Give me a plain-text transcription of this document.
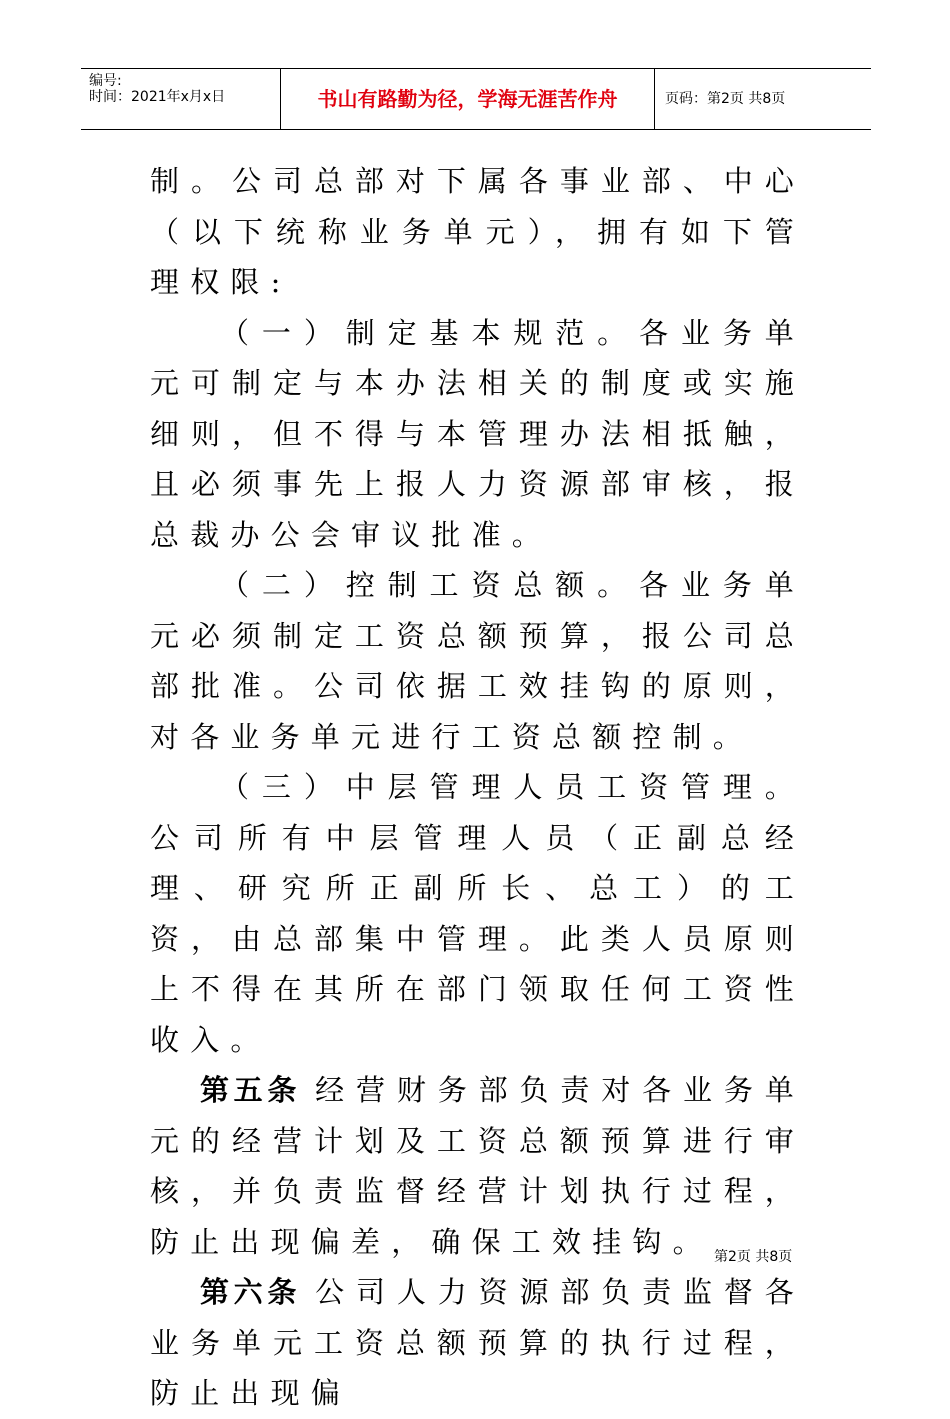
编号:
时间：2021年x月x日	书山有路勤为径，学海无涯苦作舟	页码：第2页 共8页

制。公司总部对下属各事业部、中心（以下统称业务单元），拥有如下管理权限:

（一）制定基本规范。各业务单元可制定与本办法相关的制度或实施细则，但不得与本管理办法相抵触，且必须事先上报人力资源部审核，报总裁办公会审议批准。

（二）控制工资总额。各业务单元必须制定工资总额预算，报公司总部批准。公司依据工效挂钩的原则，对各业务单元进行工资总额控制。

（三）中层管理人员工资管理。公司所有中层管理人员（正副总经理、研究所正副所长、总工）的工资，由总部集中管理。此类人员原则上不得在其所在部门领取任何工资性收入。

第五条 经营财务部负责对各业务单元的经营计划及工资总额预算进行审核，并负责监督经营计划执行过程，防止出现偏差，确保工效挂钩。

第六条 公司人力资源部负责监督各业务单元工资总额预算的执行过程，防止出现偏

第2页 共8页
